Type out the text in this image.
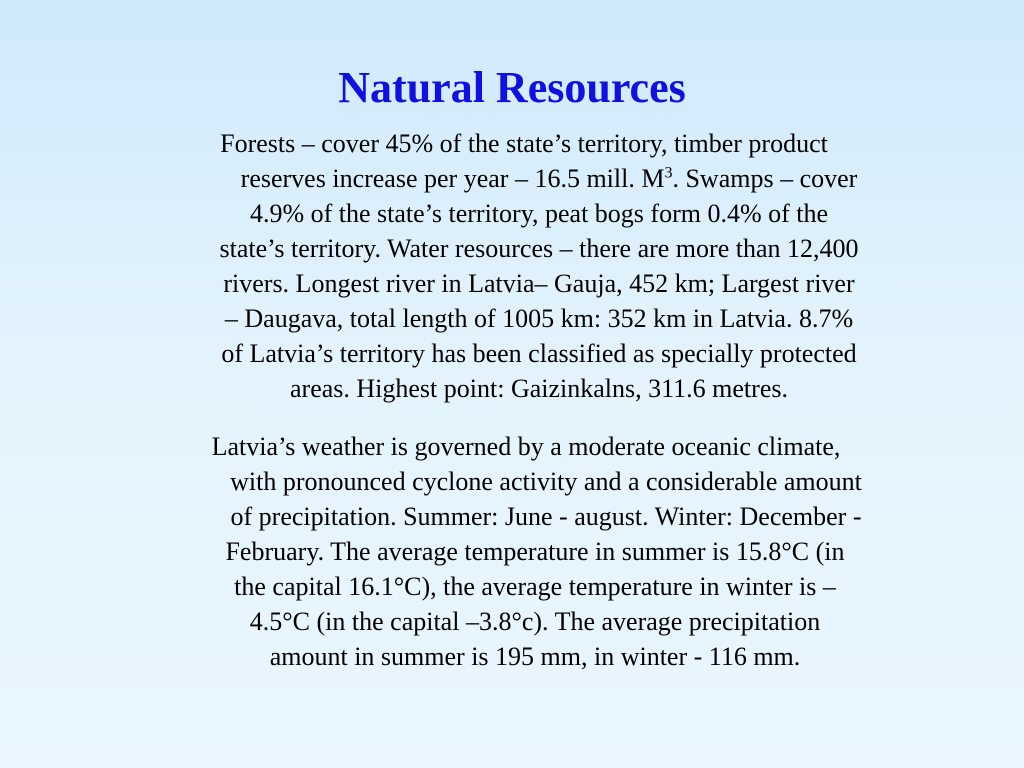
Natural Resources

Forests – cover 45% of the state’s territory, timber product
reserves increase per year – 16.5 mill. $M^3$. Swamps – cover
4.9% of the state’s territory, peat bogs form 0.4% of the
state’s territory. Water resources – there are more than 12,400
rivers. Longest river in Latvia– Gauja, 452 km; Largest river
– Daugava, total length of 1005 km: 352 km in Latvia. 8.7%
of Latvia’s territory has been classified as specially protected
areas. Highest point: Gaizinkalns, 311.6 metres.

Latvia’s weather is governed by a moderate oceanic climate,
with pronounced cyclone activity and a considerable amount
of precipitation. Summer: June - august. Winter: December -
February. The average temperature in summer is 15.8°C (in
the capital 16.1°C), the average temperature in winter is –
4.5°C (in the capital –3.8°c). The average precipitation
amount in summer is 195 mm, in winter - 116 mm.
